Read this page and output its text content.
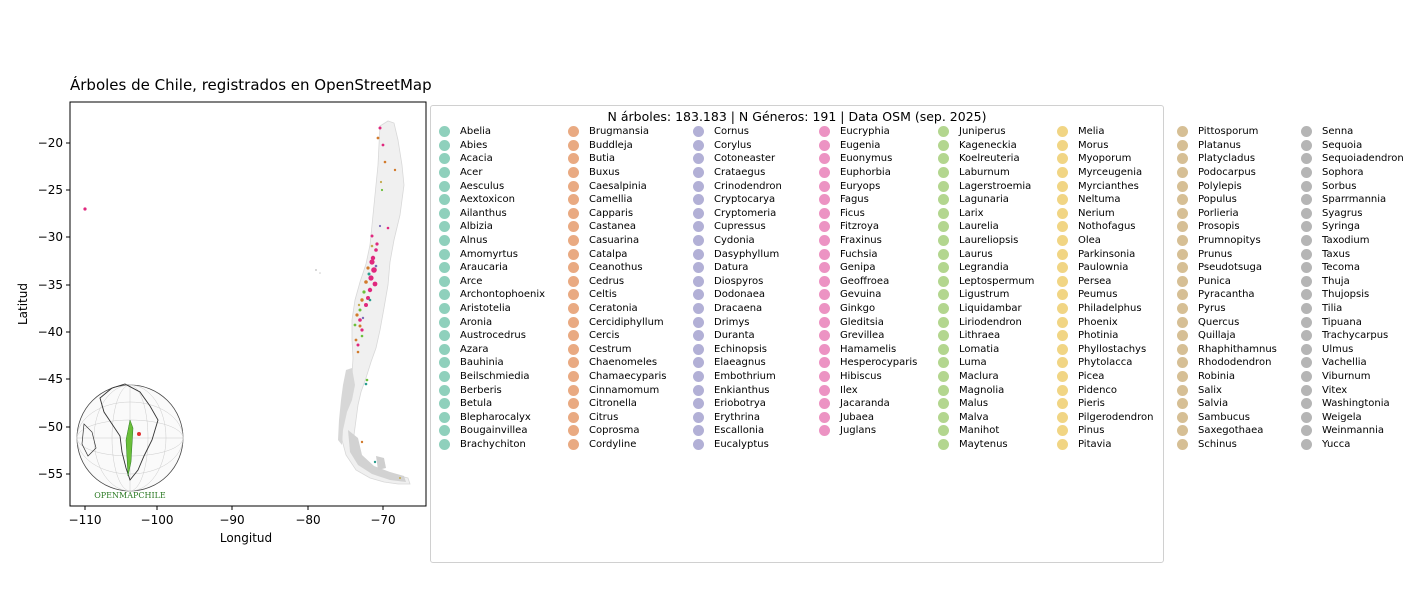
Árboles de Chile, registrados en OpenStreetMap
OPENMAPCHILE
−20
−25
−30
−35
−40
−45
−50
−55
Latitud
−110	−100	−90	−80	−70
Longitud
N árboles: 183.183 | N Géneros: 191 | Data OSM (sep. 2025)
Abelia
Abies
Acacia
Acer
Aesculus
Aextoxicon
Ailanthus
Albizia
Alnus
Amomyrtus
Araucaria
Arce
Archontophoenix
Aristotelia
Aronia
Austrocedrus
Azara
Bauhinia
Beilschmiedia
Berberis
Betula
Blepharocalyx
Bougainvillea
Brachychiton
Brugmansia
Buddleja
Butia
Buxus
Caesalpinia
Camellia
Capparis
Castanea
Casuarina
Catalpa
Ceanothus
Cedrus
Celtis
Ceratonia
Cercidiphyllum
Cercis
Cestrum
Chaenomeles
Chamaecyparis
Cinnamomum
Citronella
Citrus
Coprosma
Cordyline
Cornus
Corylus
Cotoneaster
Crataegus
Crinodendron
Cryptocarya
Cryptomeria
Cupressus
Cydonia
Dasyphyllum
Datura
Diospyros
Dodonaea
Dracaena
Drimys
Duranta
Echinopsis
Elaeagnus
Embothrium
Enkianthus
Eriobotrya
Erythrina
Escallonia
Eucalyptus
Eucryphia
Eugenia
Euonymus
Euphorbia
Euryops
Fagus
Ficus
Fitzroya
Fraxinus
Fuchsia
Genipa
Geoffroea
Gevuina
Ginkgo
Gleditsia
Grevillea
Hamamelis
Hesperocyparis
Hibiscus
Ilex
Jacaranda
Jubaea
Juglans
Juniperus
Kageneckia
Koelreuteria
Laburnum
Lagerstroemia
Lagunaria
Larix
Laurelia
Laureliopsis
Laurus
Legrandia
Leptospermum
Ligustrum
Liquidambar
Liriodendron
Lithraea
Lomatia
Luma
Maclura
Magnolia
Malus
Malva
Manihot
Maytenus
Melia
Morus
Myoporum
Myrceugenia
Myrcianthes
Neltuma
Nerium
Nothofagus
Olea
Parkinsonia
Paulownia
Persea
Peumus
Philadelphus
Phoenix
Photinia
Phyllostachys
Phytolacca
Picea
Pidenco
Pieris
Pilgerodendron
Pinus
Pitavia
Pittosporum
Platanus
Platycladus
Podocarpus
Polylepis
Populus
Porlieria
Prosopis
Prumnopitys
Prunus
Pseudotsuga
Punica
Pyracantha
Pyrus
Quercus
Quillaja
Rhaphithamnus
Rhododendron
Robinia
Salix
Salvia
Sambucus
Saxegothaea
Schinus
Senna
Sequoia
Sequoiadendron
Sophora
Sorbus
Sparrmannia
Syagrus
Syringa
Taxodium
Taxus
Tecoma
Thuja
Thujopsis
Tilia
Tipuana
Trachycarpus
Ulmus
Vachellia
Viburnum
Vitex
Washingtonia
Weigela
Weinmannia
Yucca
